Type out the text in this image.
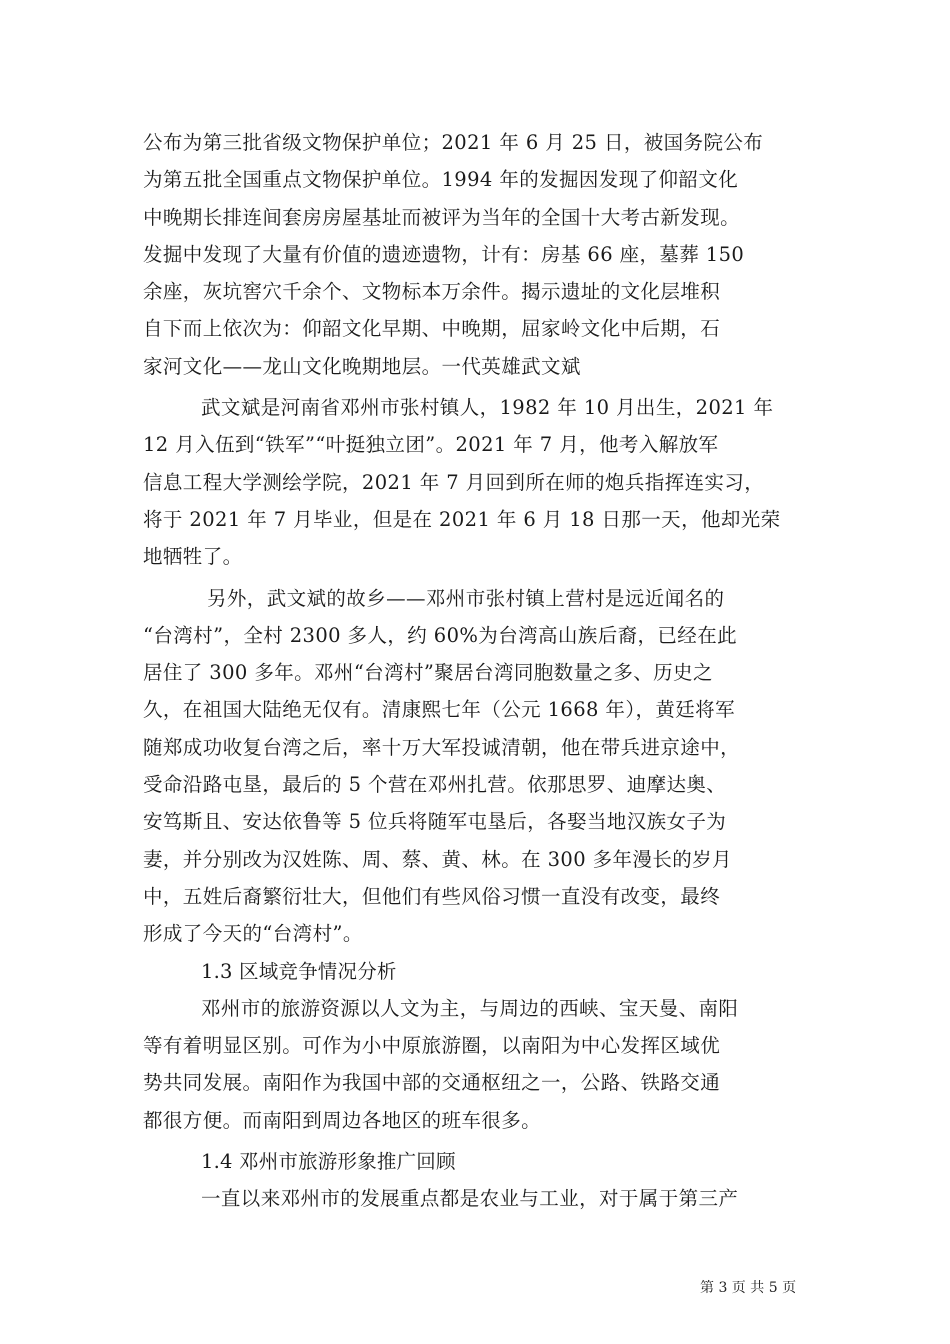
公布为第三批省级文物保护单位；2021 年 6 月 25 日，被国务院公布
为第五批全国重点文物保护单位。1994 年的发掘因发现了仰韶文化
中晚期长排连间套房房屋基址而被评为当年的全国十大考古新发现。
发掘中发现了大量有价值的遗迹遗物，计有：房基 66 座，墓葬 150
余座，灰坑窖穴千余个、文物标本万余件。揭示遗址的文化层堆积
自下而上依次为：仰韶文化早期、中晚期，屈家岭文化中后期，石
家河文化——龙山文化晚期地层。一代英雄武文斌
武文斌是河南省邓州市张村镇人，1982 年 10 月出生，2021 年
12 月入伍到“铁军”“叶挺独立团”。2021 年 7 月，他考入解放军
信息工程大学测绘学院，2021 年 7 月回到所在师的炮兵指挥连实习，
将于 2021 年 7 月毕业，但是在 2021 年 6 月 18 日那一天，他却光荣
地牺牲了。
另外，武文斌的故乡——邓州市张村镇上营村是远近闻名的
“台湾村”，全村 2300 多人，约 60%为台湾高山族后裔，已经在此
居住了 300 多年。邓州“台湾村”聚居台湾同胞数量之多、历史之
久，在祖国大陆绝无仅有。清康熙七年（公元 1668 年），黄廷将军
随郑成功收复台湾之后，率十万大军投诚清朝，他在带兵进京途中，
受命沿路屯垦，最后的 5 个营在邓州扎营。依那思罗、迪摩达奥、
安笃斯且、安达依鲁等 5 位兵将随军屯垦后，各娶当地汉族女子为
妻，并分别改为汉姓陈、周、蔡、黄、林。在 300 多年漫长的岁月
中，五姓后裔繁衍壮大，但他们有些风俗习惯一直没有改变，最终
形成了今天的“台湾村”。
1.3 区域竞争情况分析
邓州市的旅游资源以人文为主，与周边的西峡、宝天曼、南阳
等有着明显区别。可作为小中原旅游圈，以南阳为中心发挥区域优
势共同发展。南阳作为我国中部的交通枢纽之一，公路、铁路交通
都很方便。而南阳到周边各地区的班车很多。
1.4 邓州市旅游形象推广回顾
一直以来邓州市的发展重点都是农业与工业，对于属于第三产
第 3 页 共 5 页
